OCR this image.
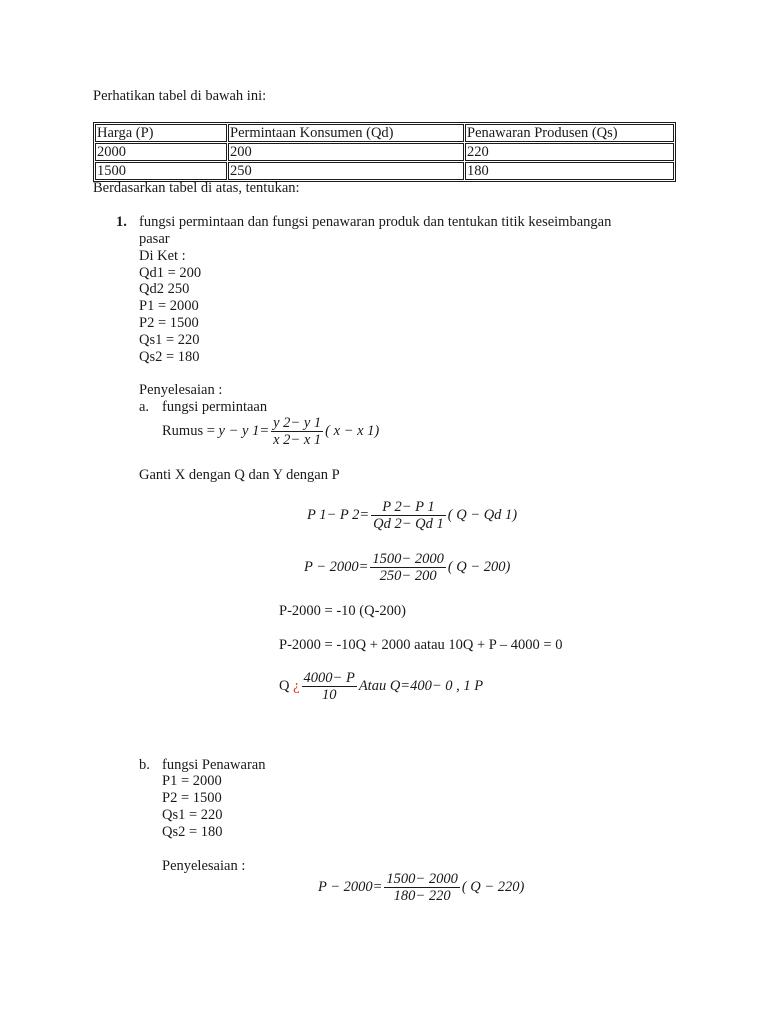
Perhatikan tabel di bawah ini:
Harga (P)	Permintaan Konsumen (Qd)	Penawaran Produsen (Qs)
2000	200	220
1500	250	180
Berdasarkan tabel di atas, tentukan:
1. fungsi permintaan dan fungsi penawaran produk dan tentukan titik keseimbangan
pasar
Di Ket :
Qd1 = 200
Qd2 250
P1 = 2000
P2 = 1500
Qs1 = 220
Qs2 = 180
Penyelesaian :
a. fungsi permintaan
Rumus = y − y $1= \frac{y 2- y 1}{x 2- x 1}$ ( x − x 1)
Ganti X dengan Q dan Y dengan P
P 1− P $2= \frac{P 2- P 1}{Qd 2- Qd 1}$ ( Q − Qd 1)
$P - 2000= \frac{1500- 2000}{250- 200}$ ( Q − 200)
P-2000 = -10 (Q-200)
P-2000 = -10Q + 2000 aatau 10Q + P – 4000 = 0
Q ¿ $\frac{4000- P}{10}$ Atau Q=400− 0 , 1 P
b. fungsi Penawaran
P1 = 2000
P2 = 1500
Qs1 = 220
Qs2 = 180
Penyelesaian :
$P - 2000= \frac{1500- 2000}{180- 220}$ ( Q − 220)
